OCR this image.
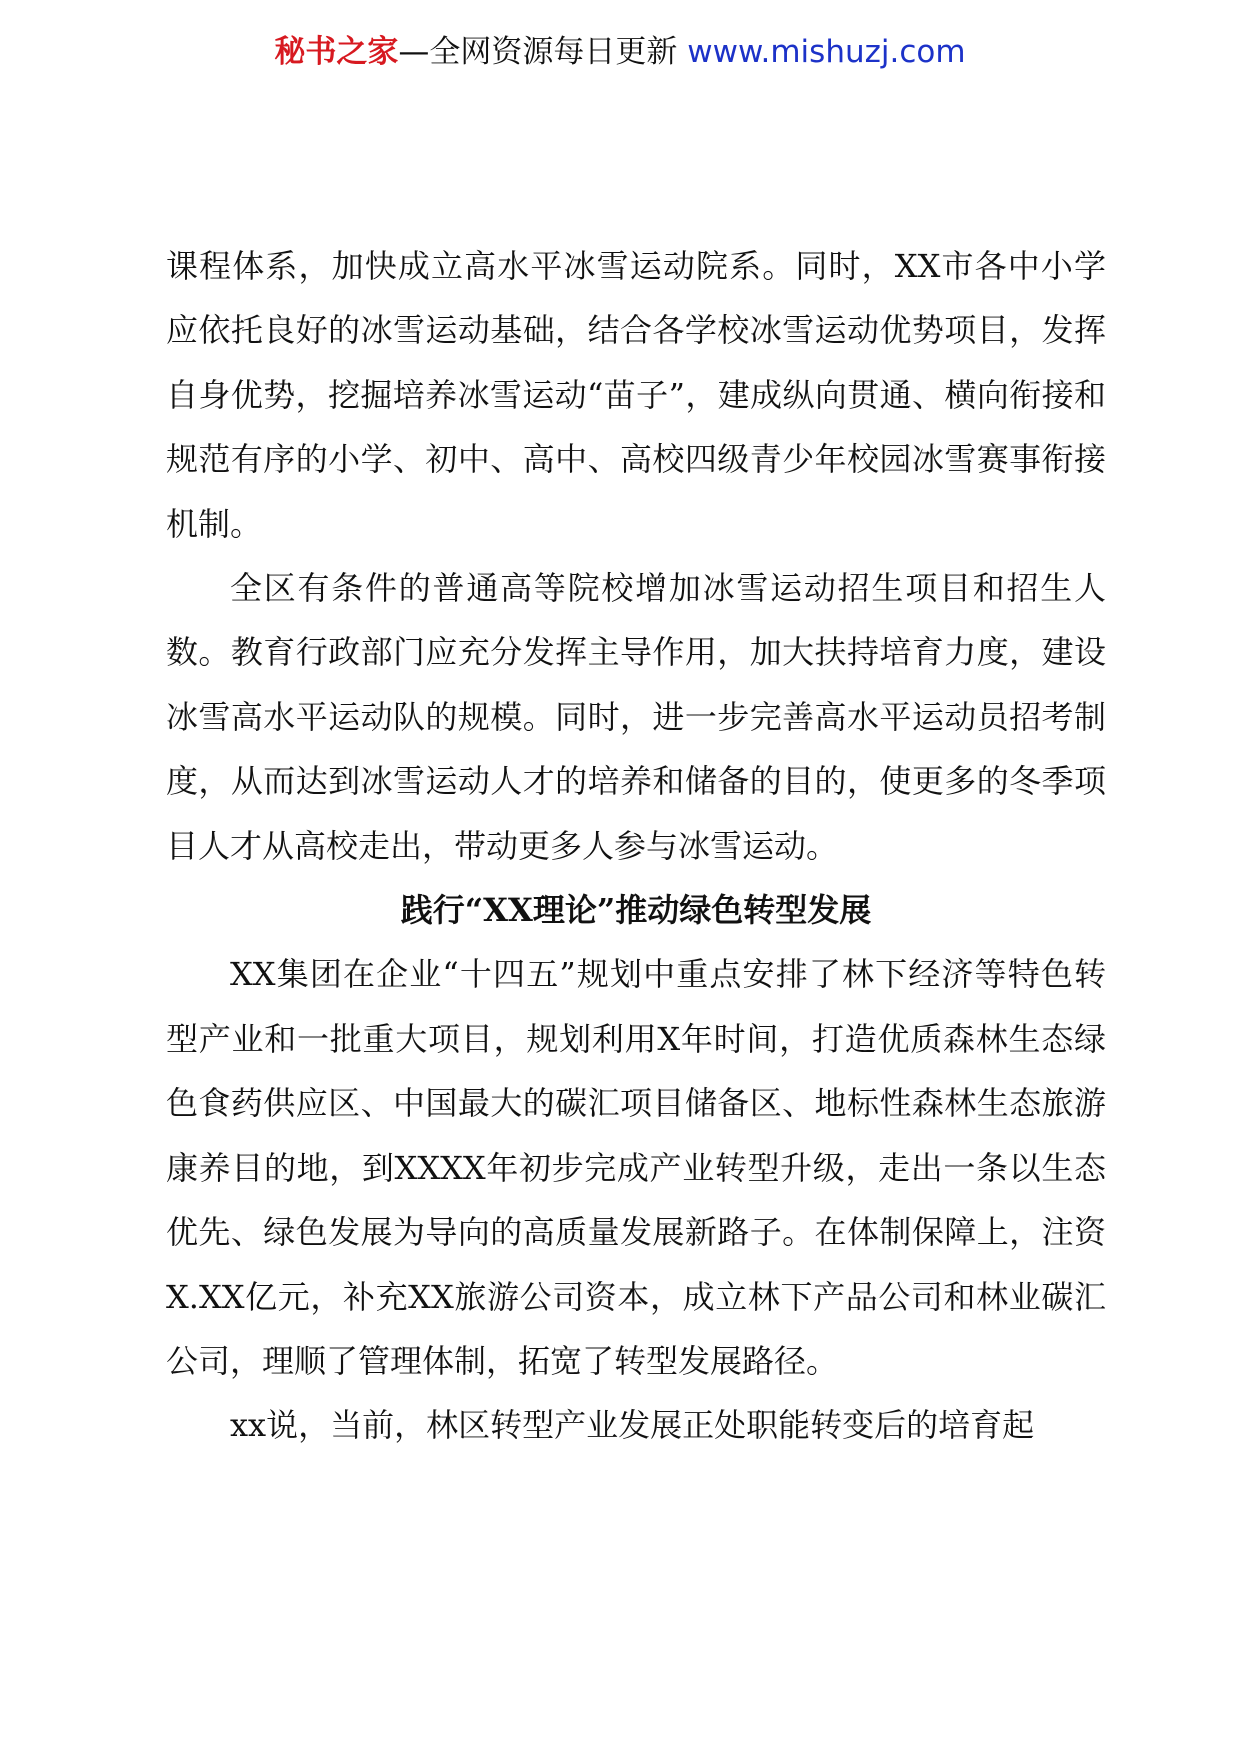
秘书之家—全网资源每日更新 www.mishuzj.com

课程体系，加快成立高水平冰雪运动院系。同时，XX市各中小学应依托良好的冰雪运动基础，结合各学校冰雪运动优势项目，发挥自身优势，挖掘培养冰雪运动“苗子”，建成纵向贯通、横向衔接和规范有序的小学、初中、高中、高校四级青少年校园冰雪赛事衔接机制。

全区有条件的普通高等院校增加冰雪运动招生项目和招生人数。教育行政部门应充分发挥主导作用，加大扶持培育力度，建设冰雪高水平运动队的规模。同时，进一步完善高水平运动员招考制度，从而达到冰雪运动人才的培养和储备的目的，使更多的冬季项目人才从高校走出，带动更多人参与冰雪运动。

践行“XX理论”推动绿色转型发展

XX集团在企业“十四五”规划中重点安排了林下经济等特色转型产业和一批重大项目，规划利用X年时间，打造优质森林生态绿色食药供应区、中国最大的碳汇项目储备区、地标性森林生态旅游康养目的地，到XXXX年初步完成产业转型升级，走出一条以生态优先、绿色发展为导向的高质量发展新路子。在体制保障上，注资X.XX亿元，补充XX旅游公司资本，成立林下产品公司和林业碳汇公司，理顺了管理体制，拓宽了转型发展路径。

xx说，当前，林区转型产业发展正处职能转变后的培育起
